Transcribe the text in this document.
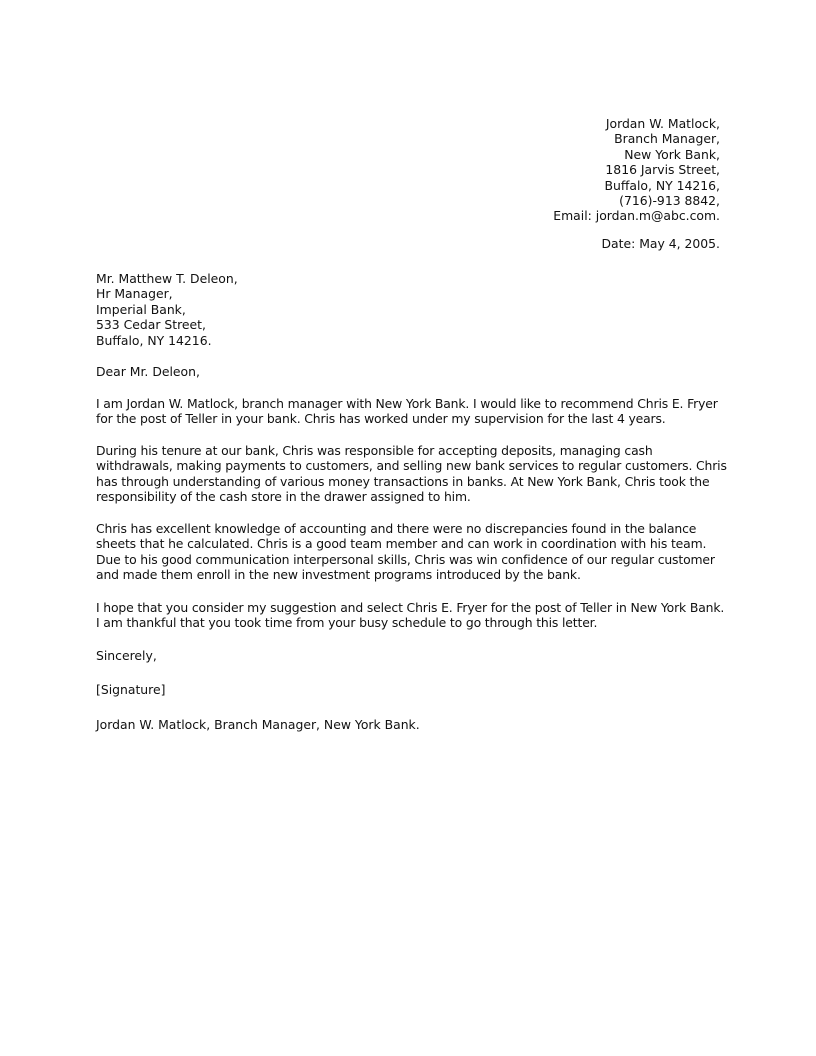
Jordan W. Matlock,
Branch Manager,
New York Bank,
1816 Jarvis Street,
Buffalo, NY 14216,
(716)-913 8842,
Email: jordan.m@abc.com.
Date: May 4, 2005.
Mr. Matthew T. Deleon,
Hr Manager,
Imperial Bank,
533 Cedar Street,
Buffalo, NY 14216.
Dear Mr. Deleon,
I am Jordan W. Matlock, branch manager with New York Bank. I would like to recommend Chris E. Fryer for the post of Teller in your bank. Chris has worked under my supervision for the last 4 years.
During his tenure at our bank, Chris was responsible for accepting deposits, managing cash withdrawals, making payments to customers, and selling new bank services to regular customers. Chris has through understanding of various money transactions in banks. At New York Bank, Chris took the responsibility of the cash store in the drawer assigned to him.
Chris has excellent knowledge of accounting and there were no discrepancies found in the balance sheets that he calculated. Chris is a good team member and can work in coordination with his team. Due to his good communication interpersonal skills, Chris was win confidence of our regular customer and made them enroll in the new investment programs introduced by the bank.
I hope that you consider my suggestion and select Chris E. Fryer for the post of Teller in New York Bank. I am thankful that you took time from your busy schedule to go through this letter.
Sincerely,
[Signature]
Jordan W. Matlock, Branch Manager, New York Bank.
